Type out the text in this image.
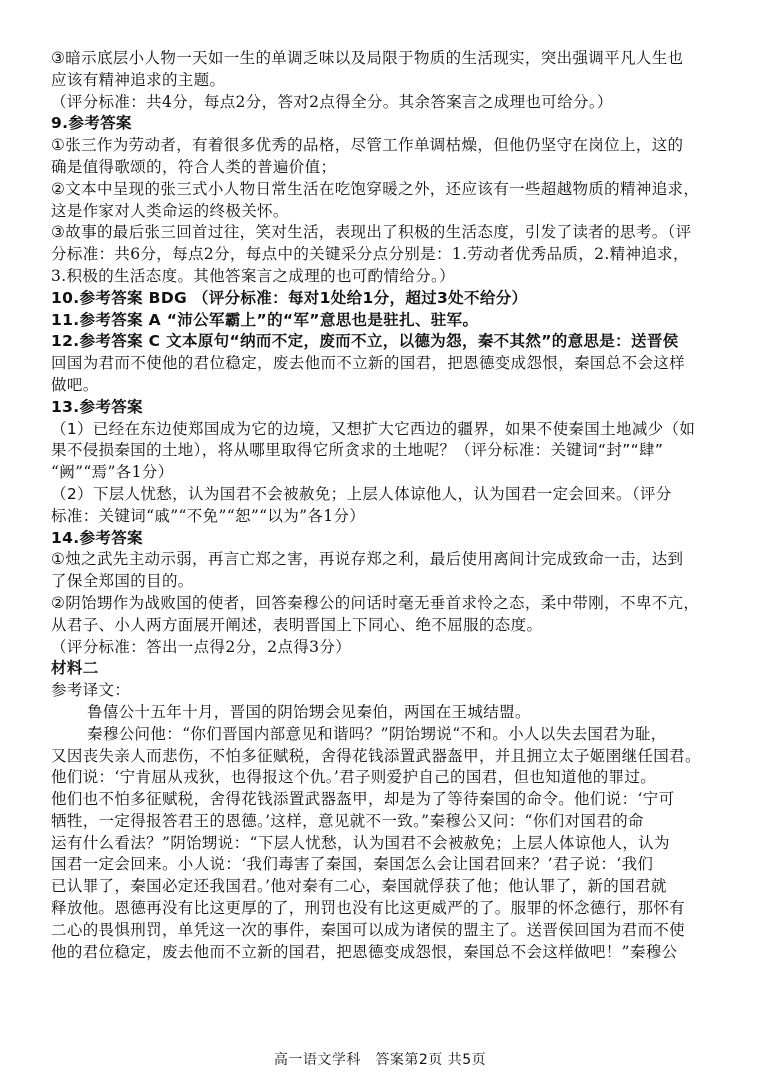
③暗示底层小人物一天如一生的单调乏味以及局限于物质的生活现实，突出强调平凡人生也
应该有精神追求的主题。
（评分标准：共4分，每点2分，答对2点得全分。其余答案言之成理也可给分。）
9.参考答案
①张三作为劳动者，有着很多优秀的品格，尽管工作单调枯燥，但他仍坚守在岗位上，这的
确是值得歌颂的，符合人类的普遍价值；
②文本中呈现的张三式小人物日常生活在吃饱穿暖之外，还应该有一些超越物质的精神追求，
这是作家对人类命运的终极关怀。
③故事的最后张三回首过往，笑对生活，表现出了积极的生活态度，引发了读者的思考。（评
分标准：共6分，每点2分，每点中的关键采分点分别是：1.劳动者优秀品质，2.精神追求，
3.积极的生活态度。其他答案言之成理的也可酌情给分。）
10.参考答案 BDG （评分标准：每对1处给1分，超过3处不给分）
11.参考答案 A “沛公军霸上”的“军”意思也是驻扎、驻军。
12.参考答案 C 文本原句“纳而不定，废而不立，以德为怨，秦不其然”的意思是：送晋侯
回国为君而不使他的君位稳定，废去他而不立新的国君，把恩德变成怨恨，秦国总不会这样
做吧。
13.参考答案
（1）已经在东边使郑国成为它的边境，又想扩大它西边的疆界，如果不使秦国土地减少（如
果不侵损秦国的土地），将从哪里取得它所贪求的土地呢？（评分标准：关键词“封”“肆”
“阙”“焉”各1分）
（2）下层人忧愁，认为国君不会被赦免；上层人体谅他人，认为国君一定会回来。（评分
标准：关键词“戚”“不免”“恕”“以为”各1分）
14.参考答案
①烛之武先主动示弱，再言亡郑之害，再说存郑之利，最后使用离间计完成致命一击，达到
了保全郑国的目的。
②阴饴甥作为战败国的使者，回答秦穆公的问话时毫无垂首求怜之态，柔中带刚，不卑不亢，
从君子、小人两方面展开阐述，表明晋国上下同心、绝不屈服的态度。
（评分标准：答出一点得2分，2点得3分）
材料二
参考译文：
鲁僖公十五年十月，晋国的阴饴甥会见秦伯，两国在王城结盟。
秦穆公问他：“你们晋国内部意见和谐吗？”阴饴甥说“不和。小人以失去国君为耻，
又因丧失亲人而悲伤，不怕多征赋税，舍得花钱添置武器盔甲，并且拥立太子姬圉继任国君。
他们说：‘宁肯屈从戎狄，也得报这个仇。’君子则爱护自己的国君，但也知道他的罪过。
他们也不怕多征赋税，舍得花钱添置武器盔甲，却是为了等待秦国的命令。他们说：‘宁可
牺牲，一定得报答君王的恩德。’这样，意见就不一致。”秦穆公又问：“你们对国君的命
运有什么看法？”阴饴甥说：“下层人忧愁，认为国君不会被赦免；上层人体谅他人，认为
国君一定会回来。小人说：‘我们毒害了秦国，秦国怎么会让国君回来？’君子说：‘我们
已认罪了，秦国必定还我国君。’他对秦有二心，秦国就俘获了他；他认罪了，新的国君就
释放他。恩德再没有比这更厚的了，刑罚也没有比这更威严的了。服罪的怀念德行，那怀有
二心的畏惧刑罚，单凭这一次的事件，秦国可以成为诸侯的盟主了。送晋侯回国为君而不使
他的君位稳定，废去他而不立新的国君，把恩德变成怨恨，秦国总不会这样做吧！”秦穆公
高一语文学科　答案第2页 共5页
